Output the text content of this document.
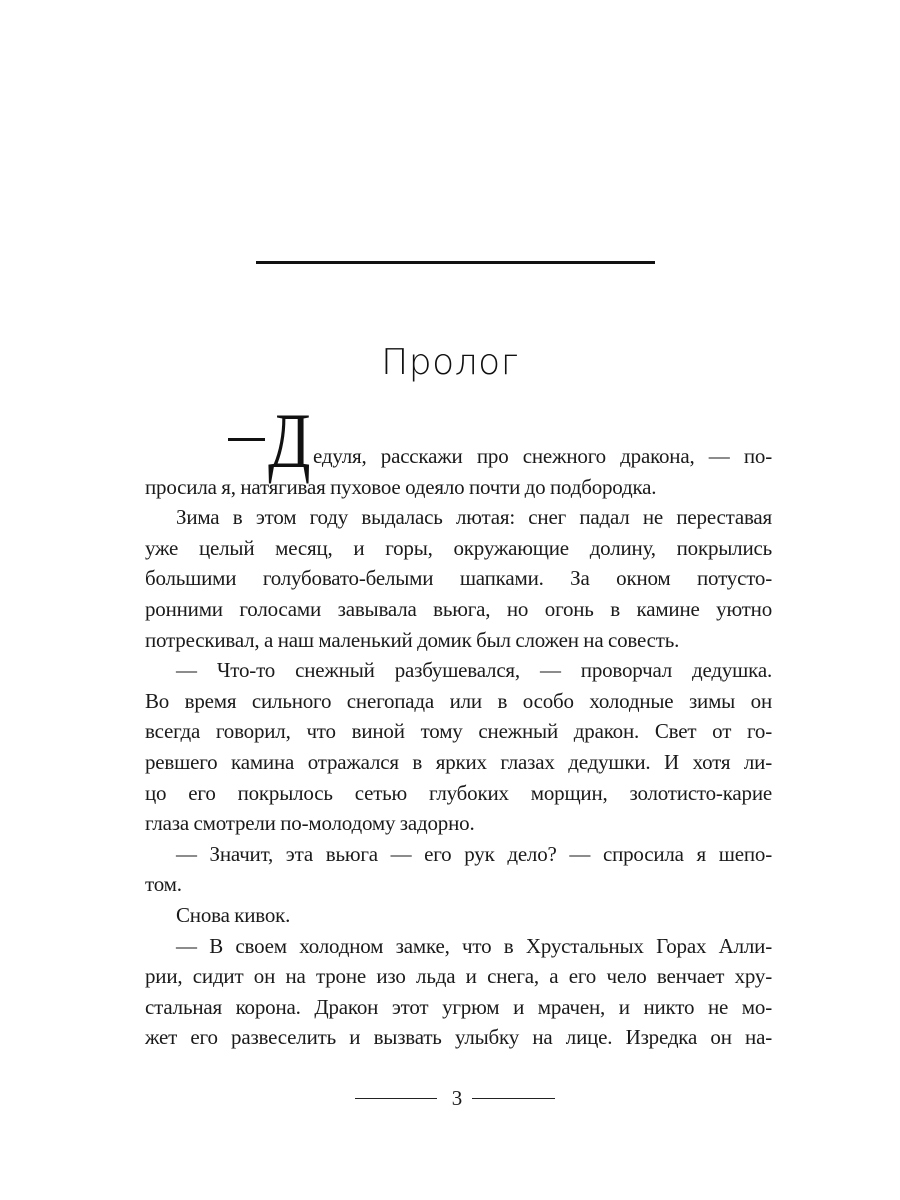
Пролог
Д едуля, расскажи про снежного дракона, — по-
просила я, натягивая пуховое одеяло почти до подбородка.
Зима в этом году выдалась лютая: снег падал не переставая
уже целый месяц, и горы, окружающие долину, покрылись
большими голубовато-белыми шапками. За окном потусто-
ронними голосами завывала вьюга, но огонь в камине уютно
потрескивал, а наш маленький домик был сложен на совесть.
— Что-то снежный разбушевался, — проворчал дедушка.
Во время сильного снегопада или в особо холодные зимы он
всегда говорил, что виной тому снежный дракон. Свет от го-
ревшего камина отражался в ярких глазах дедушки. И хотя ли-
цо его покрылось сетью глубоких морщин, золотисто-карие
глаза смотрели по-молодому задорно.
— Значит, эта вьюга — его рук дело? — спросила я шепо-
том.
Снова кивок.
— В своем холодном замке, что в Хрустальных Горах Алли-
рии, сидит он на троне изо льда и снега, а его чело венчает хру-
стальная корона. Дракон этот угрюм и мрачен, и никто не мо-
жет его развеселить и вызвать улыбку на лице. Изредка он на-
3
